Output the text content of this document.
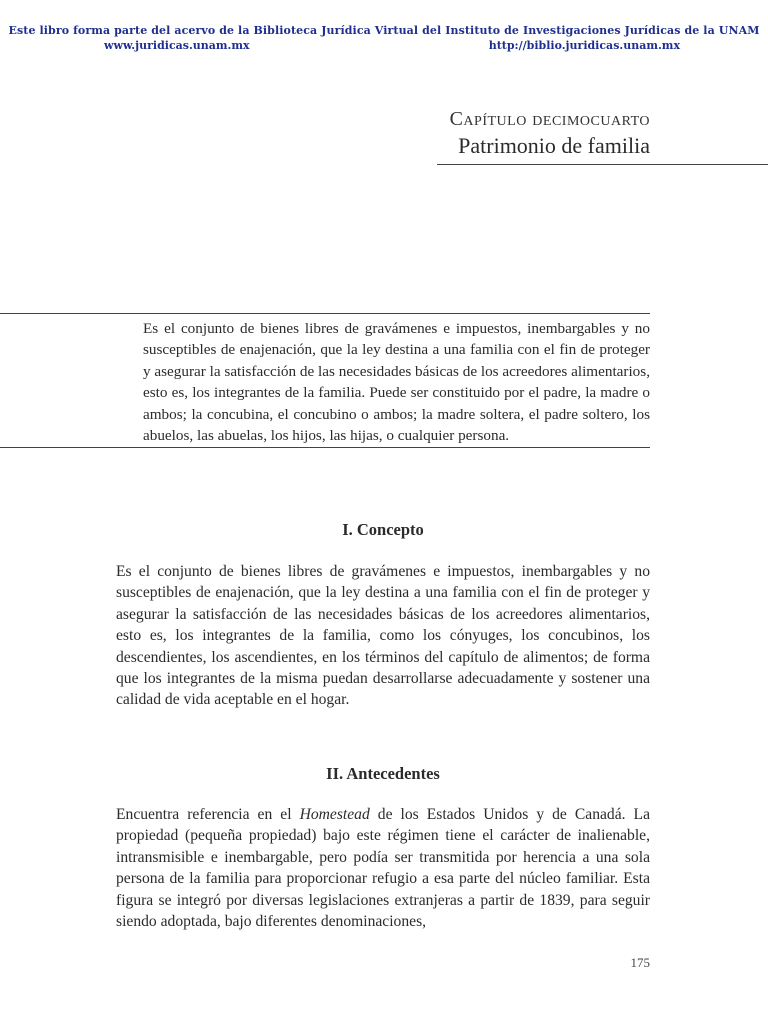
Este libro forma parte del acervo de la Biblioteca Jurídica Virtual del Instituto de Investigaciones Jurídicas de la UNAM
www.juridicas.unam.mx	http://biblio.juridicas.unam.mx
Capítulo decimocuarto
Patrimonio de familia

Es el conjunto de bienes libres de gravámenes e impuestos, inembargables y no susceptibles de enajenación, que la ley destina a una familia con el fin de proteger y asegurar la satisfacción de las necesidades básicas de los acreedores alimentarios, esto es, los integrantes de la familia. Puede ser constituido por el padre, la madre o ambos; la concubina, el concubino o ambos; la madre soltera, el padre soltero, los abuelos, las abuelas, los hijos, las hijas, o cualquier persona.

I. Concepto

Es el conjunto de bienes libres de gravámenes e impuestos, inembargables y no susceptibles de enajenación, que la ley destina a una familia con el fin de proteger y asegurar la satisfacción de las necesidades básicas de los acreedores alimentarios, esto es, los integrantes de la familia, como los cónyuges, los concubinos, los descendientes, los ascendientes, en los términos del capítulo de alimentos; de forma que los integrantes de la misma puedan desarrollarse adecuadamente y sostener una calidad de vida aceptable en el hogar.

II. Antecedentes

Encuentra referencia en el Homestead de los Estados Unidos y de Canadá. La propiedad (pequeña propiedad) bajo este régimen tiene el carácter de inalienable, intransmisible e inembargable, pero podía ser transmitida por herencia a una sola persona de la familia para proporcionar refugio a esa parte del núcleo familiar. Esta figura se integró por diversas legislaciones extranjeras a partir de 1839, para seguir siendo adoptada, bajo diferentes denominaciones,

175
